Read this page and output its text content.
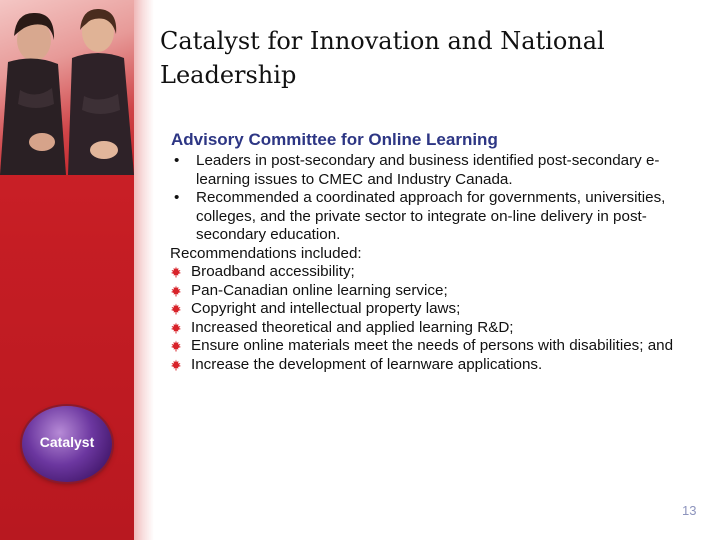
Catalyst
Catalyst for Innovation and National Leadership
Advisory Committee for Online Learning
• Leaders in post-secondary and business identified post-secondary e-learning issues to CMEC and Industry Canada.
• Recommended a coordinated approach for governments, universities, colleges, and the private sector to integrate on-line delivery in post-secondary education.
Recommendations included:
Broadband accessibility;
Pan-Canadian online learning service;
Copyright and intellectual property laws;
Increased theoretical and applied learning R&D;
Ensure online materials meet the needs of persons with disabilities; and
Increase the development of learnware applications.
13
